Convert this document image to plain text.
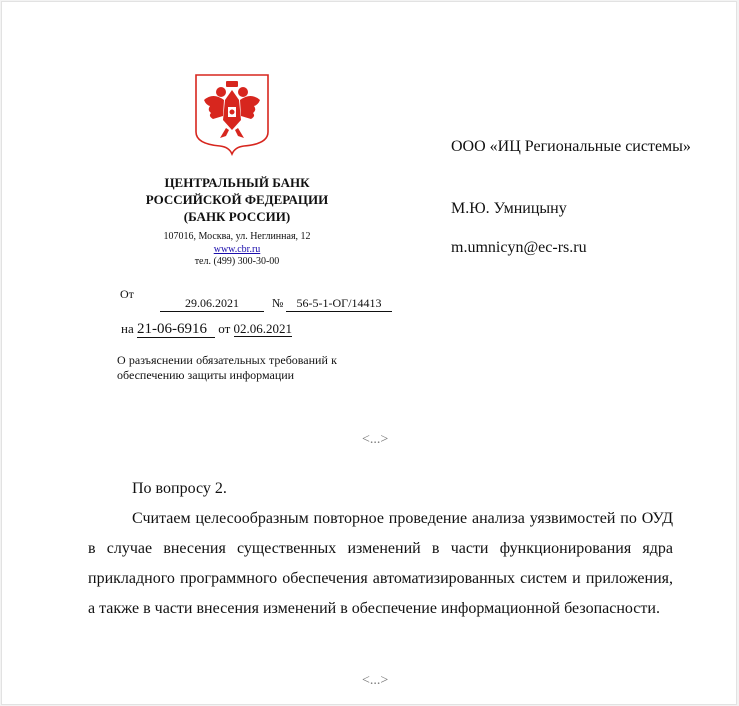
ЦЕНТРАЛЬНЫЙ БАНК
РОССИЙСКОЙ ФЕДЕРАЦИИ
(БАНК РОССИИ)
107016, Москва, ул. Неглинная, 12
www.cbr.ru
тел. (499) 300-30-00
ООО «ИЦ Региональные системы»
М.Ю. Умницыну
m.umnicyn@ec-rs.ru
От
29.06.2021	№	56-5-1-ОГ/14413
на 21-06-6916 от 02.06.2021
О разъяснении обязательных требований к обеспечению защиты информации
<...>

По вопросу 2.

Считаем целесообразным повторное проведение анализа уязвимостей по ОУД в случае внесения существенных изменений в части функционирования ядра прикладного программного обеспечения автоматизированных систем и приложения, а также в части внесения изменений в обеспечение информационной безопасности.

<...>
